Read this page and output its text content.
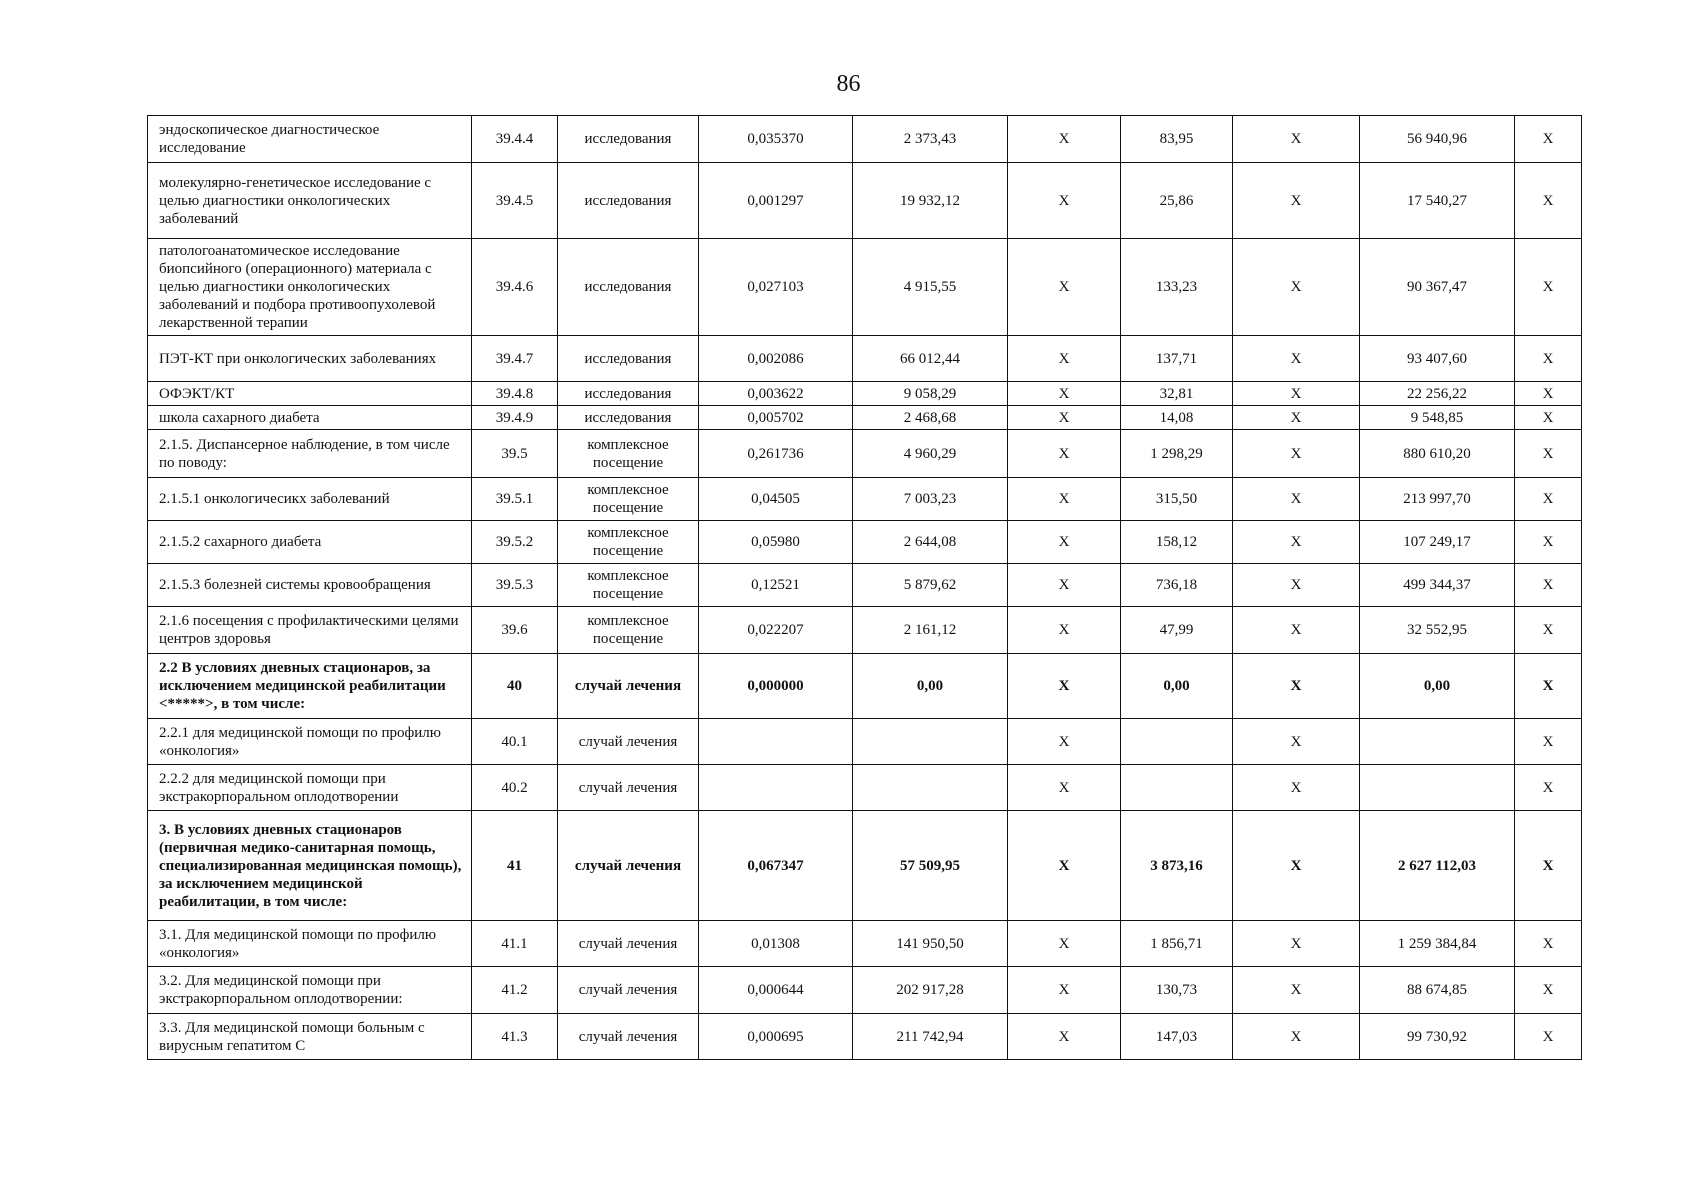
86
эндоскопическое диагностическое исследование	39.4.4	исследования	0,035370	2 373,43	X	83,95	X	56 940,96	X
молекулярно-генетическое исследование с целью диагностики онкологических заболеваний	39.4.5	исследования	0,001297	19 932,12	X	25,86	X	17 540,27	X
патологоанатомическое исследование биопсийного (операционного) материала с целью диагностики онкологических заболеваний и подбора противоопухолевой лекарственной терапии	39.4.6	исследования	0,027103	4 915,55	X	133,23	X	90 367,47	X
ПЭТ-КТ при онкологических заболеваниях	39.4.7	исследования	0,002086	66 012,44	X	137,71	X	93 407,60	X
ОФЭКТ/КТ	39.4.8	исследования	0,003622	9 058,29	X	32,81	X	22 256,22	X
школа сахарного диабета	39.4.9	исследования	0,005702	2 468,68	X	14,08	X	9 548,85	X
2.1.5. Диспансерное наблюдение, в том числе по поводу:	39.5	комплексное посещение	0,261736	4 960,29	X	1 298,29	X	880 610,20	X
2.1.5.1 онкологичесикх заболеваний	39.5.1	комплексное посещение	0,04505	7 003,23	X	315,50	X	213 997,70	X
2.1.5.2 сахарного диабета	39.5.2	комплексное посещение	0,05980	2 644,08	X	158,12	X	107 249,17	X
2.1.5.3 болезней системы кровообращения	39.5.3	комплексное посещение	0,12521	5 879,62	X	736,18	X	499 344,37	X
2.1.6 посещения с профилактическими целями центров здоровья	39.6	комплексное посещение	0,022207	2 161,12	X	47,99	X	32 552,95	X
2.2 В условиях дневных стационаров, за исключением медицинской реабилитации <*****>, в том числе:	40	случай лечения	0,000000	0,00	X	0,00	X	0,00	X
2.2.1 для медицинской помощи по профилю «онкология»	40.1	случай лечения			X		X		X
2.2.2 для медицинской помощи при экстракорпоральном оплодотворении	40.2	случай лечения			X		X		X
3. В условиях дневных стационаров (первичная медико-санитарная помощь, специализированная медицинская помощь), за исключением медицинской реабилитации, в том числе:	41	случай лечения	0,067347	57 509,95	X	3 873,16	X	2 627 112,03	X
3.1. Для медицинской помощи по профилю «онкология»	41.1	случай лечения	0,01308	141 950,50	X	1 856,71	X	1 259 384,84	X
3.2. Для медицинской помощи при экстракорпоральном оплодотворении:	41.2	случай лечения	0,000644	202 917,28	X	130,73	X	88 674,85	X
3.3. Для медицинской помощи больным с вирусным гепатитом С	41.3	случай лечения	0,000695	211 742,94	X	147,03	X	99 730,92	X
